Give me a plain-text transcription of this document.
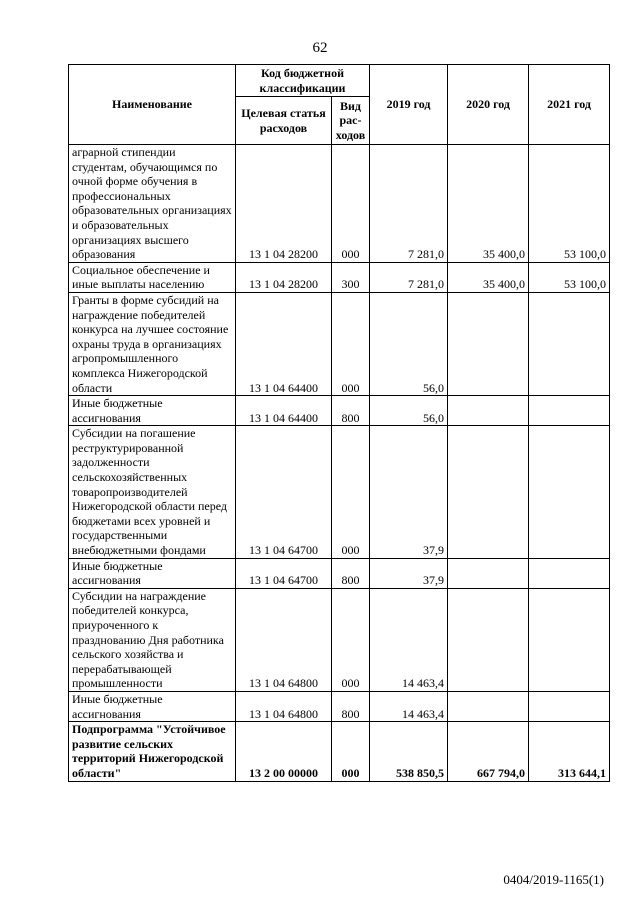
62
Наименование	Код бюджетной классификации		2019 год	2020 год	2021 год
	Целевая статья расходов	Вид рас-ходов			
аграрной стипендии студентам, обучающимся по очной форме обучения в профессиональных образовательных организациях и образовательных организациях высшего образования	13 1 04 28200	000	7 281,0	35 400,0	53 100,0
Социальное обеспечение и иные выплаты населению	13 1 04 28200	300	7 281,0	35 400,0	53 100,0
Гранты в форме субсидий на награждение победителей конкурса на лучшее состояние охраны труда в организациях агропромышленного комплекса Нижегородской области	13 1 04 64400	000	56,0		
Иные бюджетные ассигнования	13 1 04 64400	800	56,0		
Субсидии на погашение реструктурированной задолженности сельскохозяйственных товаропроизводителей Нижегородской области перед бюджетами всех уровней и государственными внебюджетными фондами	13 1 04 64700	000	37,9		
Иные бюджетные ассигнования	13 1 04 64700	800	37,9		
Субсидии на награждение победителей конкурса, приуроченного к празднованию Дня работника сельского хозяйства и перерабатывающей промышленности	13 1 04 64800	000	14 463,4		
Иные бюджетные ассигнования	13 1 04 64800	800	14 463,4		
Подпрограмма "Устойчивое развитие сельских территорий Нижегородской области"	13 2 00 00000	000	538 850,5	667 794,0	313 644,1
0404/2019-1165(1)
